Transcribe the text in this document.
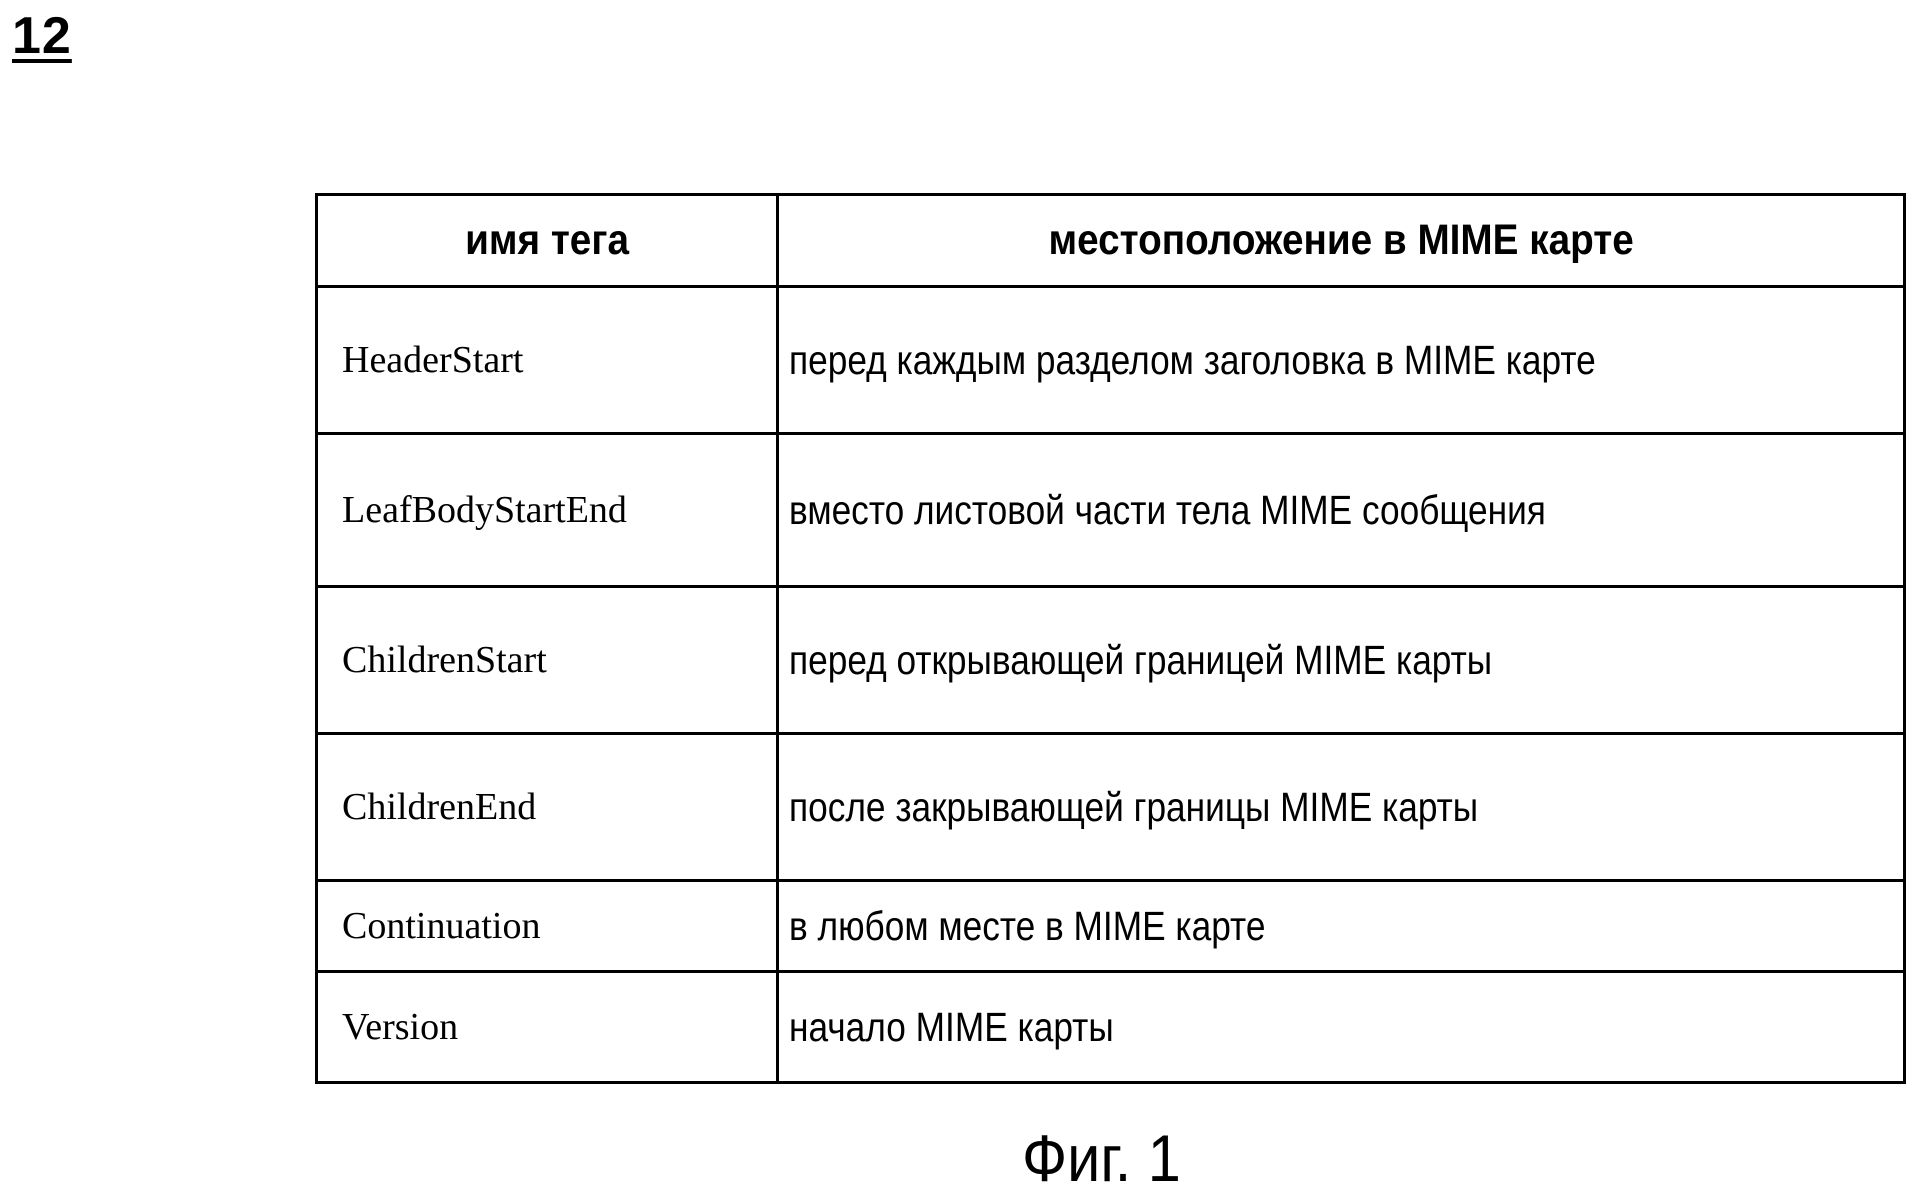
12
имя тега	местоположение в MIME карте
HeaderStart	перед каждым разделом заголовка в MIME карте
LeafBodyStartEnd	вместо листовой части тела MIME сообщения
ChildrenStart	перед открывающей границей MIME карты
ChildrenEnd	после закрывающей границы MIME карты
Continuation	в любом месте в MIME карте
Version	начало MIME карты
Фиг. 1
